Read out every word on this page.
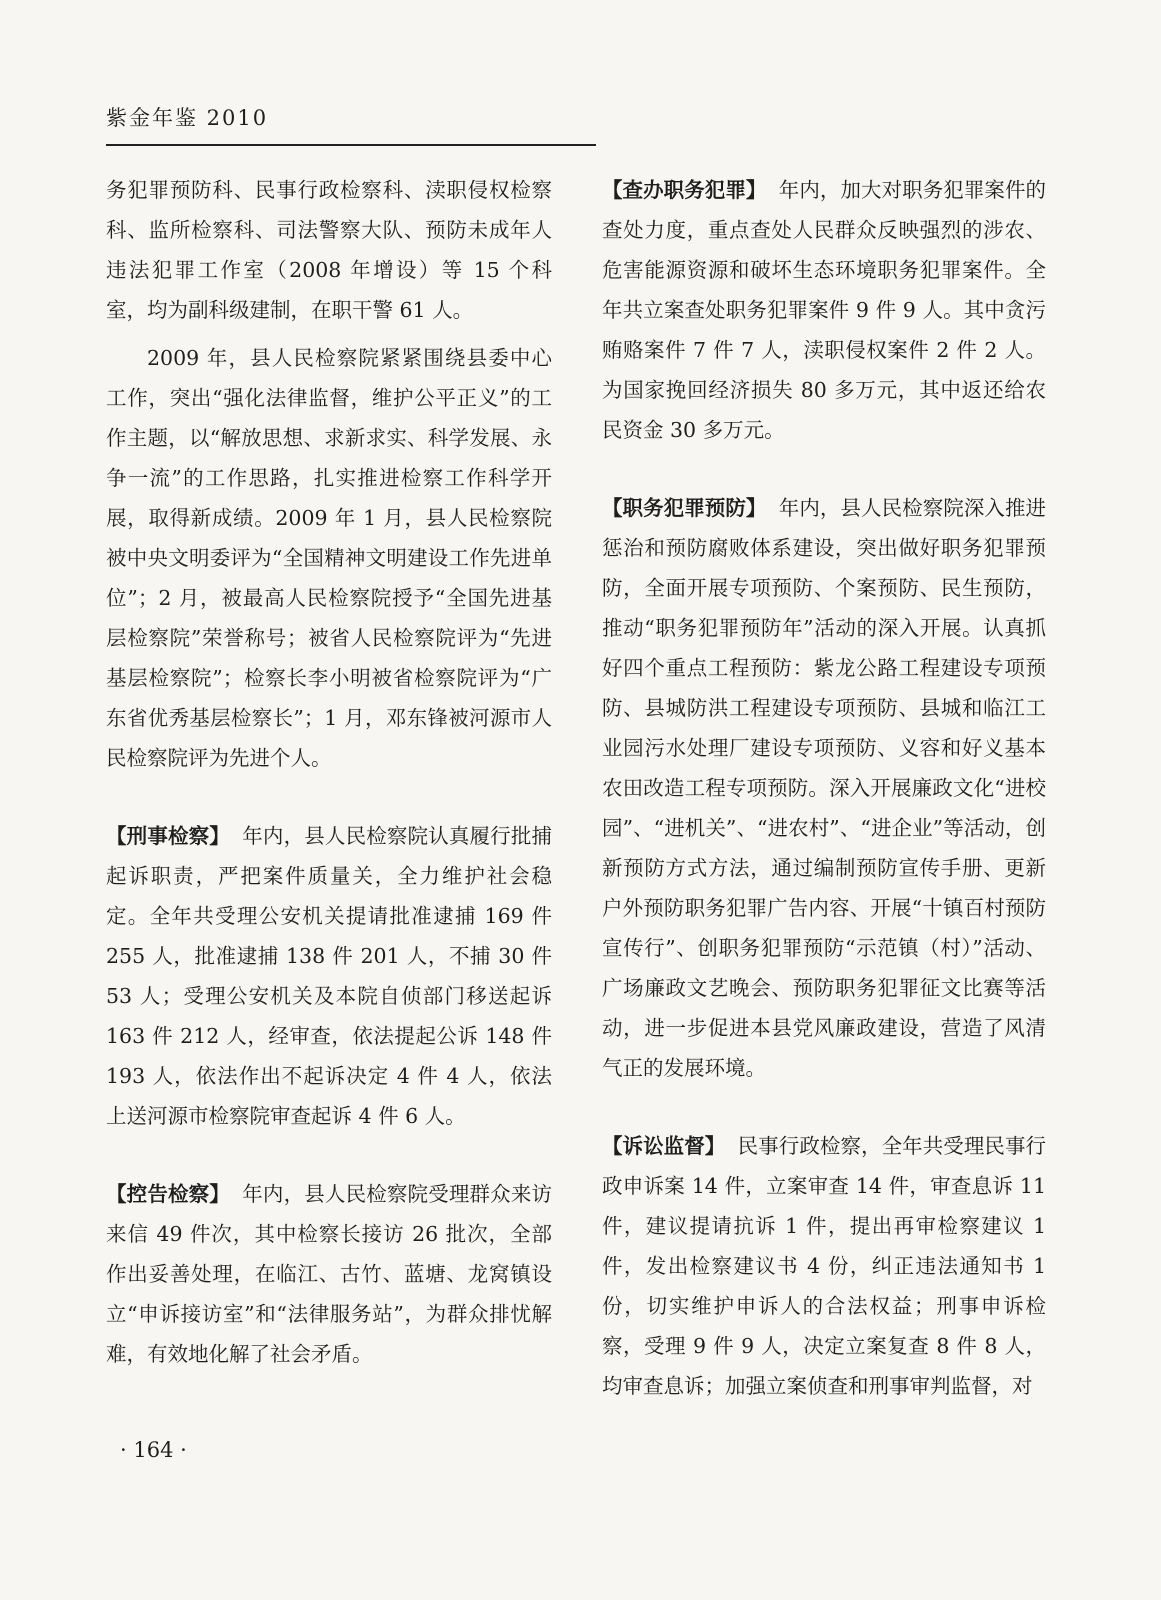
紫金年鉴 2010

务犯罪预防科、民事行政检察科、渎职侵权检察科、监所检察科、司法警察大队、预防未成年人违法犯罪工作室（2008 年增设）等 15 个科室，均为副科级建制，在职干警 61 人。

2009 年，县人民检察院紧紧围绕县委中心工作，突出“强化法律监督，维护公平正义”的工作主题，以“解放思想、求新求实、科学发展、永争一流”的工作思路，扎实推进检察工作科学开展，取得新成绩。2009 年 1 月，县人民检察院被中央文明委评为“全国精神文明建设工作先进单位”；2 月，被最高人民检察院授予“全国先进基层检察院”荣誉称号；被省人民检察院评为“先进基层检察院”；检察长李小明被省检察院评为“广东省优秀基层检察长”；1 月，邓东锋被河源市人民检察院评为先进个人。

【刑事检察】 年内，县人民检察院认真履行批捕起诉职责，严把案件质量关，全力维护社会稳定。全年共受理公安机关提请批准逮捕 169 件 255 人，批准逮捕 138 件 201 人，不捕 30 件 53 人；受理公安机关及本院自侦部门移送起诉 163 件 212 人，经审查，依法提起公诉 148 件 193 人，依法作出不起诉决定 4 件 4 人，依法上送河源市检察院审查起诉 4 件 6 人。

【控告检察】 年内，县人民检察院受理群众来访来信 49 件次，其中检察长接访 26 批次，全部作出妥善处理，在临江、古竹、蓝塘、龙窝镇设立“申诉接访室”和“法律服务站”，为群众排忧解难，有效地化解了社会矛盾。

【查办职务犯罪】 年内，加大对职务犯罪案件的查处力度，重点查处人民群众反映强烈的涉农、危害能源资源和破坏生态环境职务犯罪案件。全年共立案查处职务犯罪案件 9 件 9 人。其中贪污贿赂案件 7 件 7 人，渎职侵权案件 2 件 2 人。为国家挽回经济损失 80 多万元，其中返还给农民资金 30 多万元。

【职务犯罪预防】 年内，县人民检察院深入推进惩治和预防腐败体系建设，突出做好职务犯罪预防，全面开展专项预防、个案预防、民生预防，推动“职务犯罪预防年”活动的深入开展。认真抓好四个重点工程预防：紫龙公路工程建设专项预防、县城防洪工程建设专项预防、县城和临江工业园污水处理厂建设专项预防、义容和好义基本农田改造工程专项预防。深入开展廉政文化“进校园”、“进机关”、“进农村”、“进企业”等活动，创新预防方式方法，通过编制预防宣传手册、更新户外预防职务犯罪广告内容、开展“十镇百村预防宣传行”、创职务犯罪预防“示范镇（村）”活动、广场廉政文艺晚会、预防职务犯罪征文比赛等活动，进一步促进本县党风廉政建设，营造了风清气正的发展环境。

【诉讼监督】 民事行政检察，全年共受理民事行政申诉案 14 件，立案审查 14 件，审查息诉 11 件，建议提请抗诉 1 件，提出再审检察建议 1 件，发出检察建议书 4 份，纠正违法通知书 1 份，切实维护申诉人的合法权益；刑事申诉检察，受理 9 件 9 人，决定立案复查 8 件 8 人，均审查息诉；加强立案侦查和刑事审判监督，对

· 164 ·
